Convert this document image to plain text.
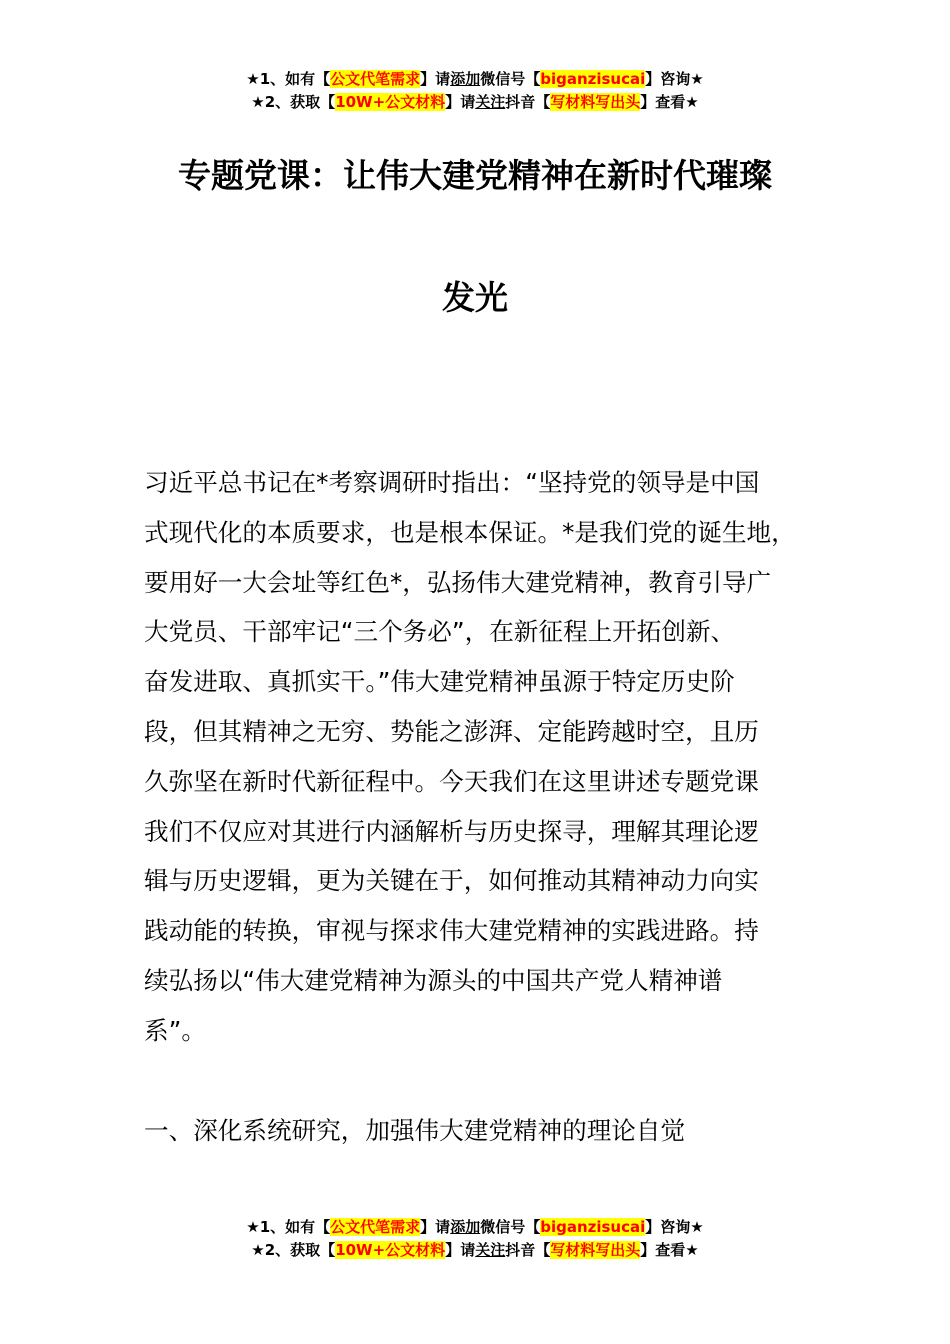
★1、如有【公文代笔需求】请添加微信号【biganzisucai】咨询★
★2、获取【10W+公文材料】请关注抖音【写材料写出头】查看★
专题党课：让伟大建党精神在新时代璀璨
发光
习近平总书记在*考察调研时指出：“坚持党的领导是中国
式现代化的本质要求，也是根本保证。*是我们党的诞生地，
要用好一大会址等红色*，弘扬伟大建党精神，教育引导广
大党员、干部牢记“三个务必”，在新征程上开拓创新、
奋发进取、真抓实干。”伟大建党精神虽源于特定历史阶
段，但其精神之无穷、势能之澎湃、定能跨越时空，且历
久弥坚在新时代新征程中。今天我们在这里讲述专题党课
我们不仅应对其进行内涵解析与历史探寻，理解其理论逻
辑与历史逻辑，更为关键在于，如何推动其精神动力向实
践动能的转换，审视与探求伟大建党精神的实践进路。持
续弘扬以“伟大建党精神为源头的中国共产党人精神谱
系”。
一、深化系统研究，加强伟大建党精神的理论自觉
★1、如有【公文代笔需求】请添加微信号【biganzisucai】咨询★
★2、获取【10W+公文材料】请关注抖音【写材料写出头】查看★
